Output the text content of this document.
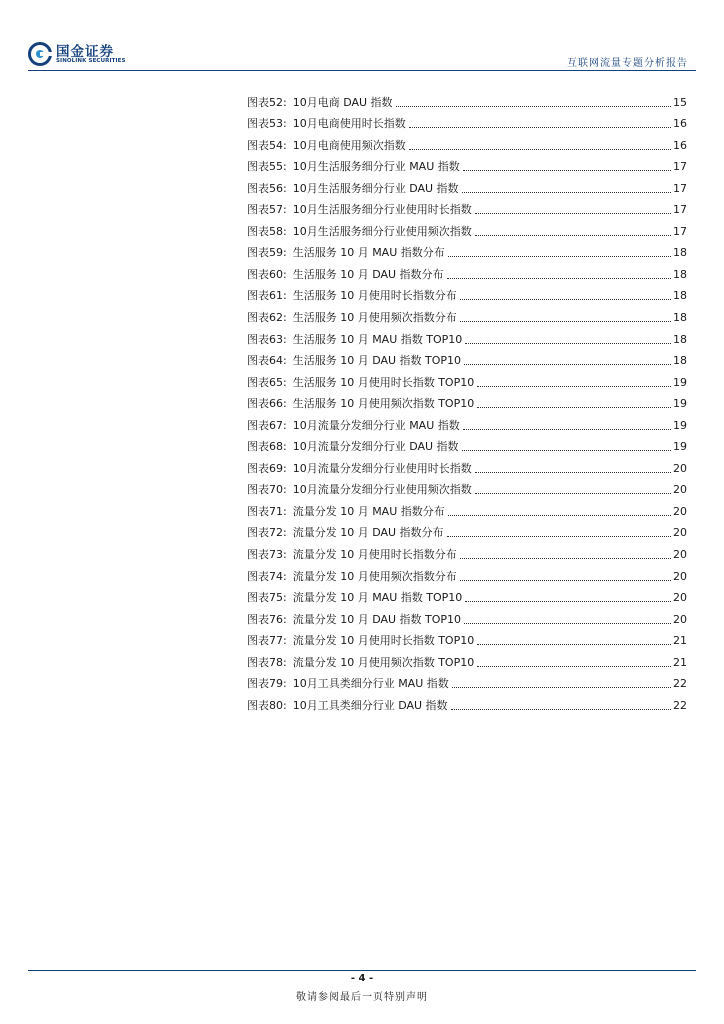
国金证券
SINOLINK SECURITIES	互联网流量专题分析报告
图表52: 10月电商 DAU 指数	15
图表53: 10月电商使用时长指数	16
图表54: 10月电商使用频次指数	16
图表55: 10月生活服务细分行业 MAU 指数	17
图表56: 10月生活服务细分行业 DAU 指数	17
图表57: 10月生活服务细分行业使用时长指数	17
图表58: 10月生活服务细分行业使用频次指数	17
图表59: 生活服务 10 月 MAU 指数分布	18
图表60: 生活服务 10 月 DAU 指数分布	18
图表61: 生活服务 10 月使用时长指数分布	18
图表62: 生活服务 10 月使用频次指数分布	18
图表63: 生活服务 10 月 MAU 指数 TOP10	18
图表64: 生活服务 10 月 DAU 指数 TOP10	18
图表65: 生活服务 10 月使用时长指数 TOP10	19
图表66: 生活服务 10 月使用频次指数 TOP10	19
图表67: 10月流量分发细分行业 MAU 指数	19
图表68: 10月流量分发细分行业 DAU 指数	19
图表69: 10月流量分发细分行业使用时长指数	20
图表70: 10月流量分发细分行业使用频次指数	20
图表71: 流量分发 10 月 MAU 指数分布	20
图表72: 流量分发 10 月 DAU 指数分布	20
图表73: 流量分发 10 月使用时长指数分布	20
图表74: 流量分发 10 月使用频次指数分布	20
图表75: 流量分发 10 月 MAU 指数 TOP10	20
图表76: 流量分发 10 月 DAU 指数 TOP10	20
图表77: 流量分发 10 月使用时长指数 TOP10	21
图表78: 流量分发 10 月使用频次指数 TOP10	21
图表79: 10月工具类细分行业 MAU 指数	22
图表80: 10月工具类细分行业 DAU 指数	22
- 4 -
敬请参阅最后一页特别声明
